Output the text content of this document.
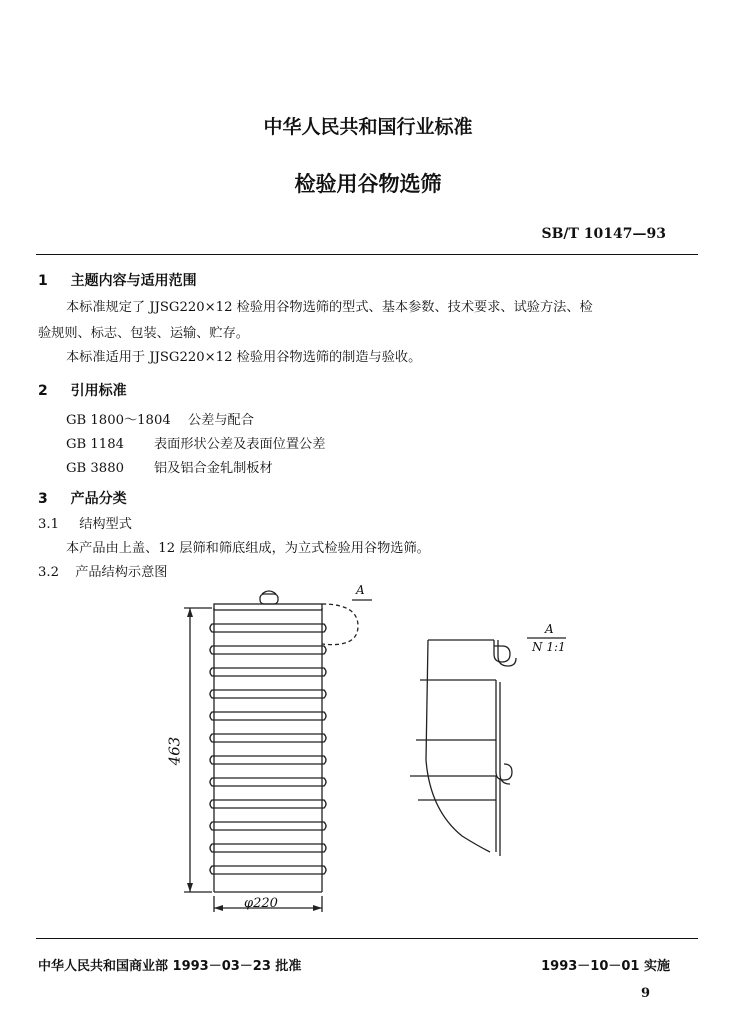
中华人民共和国行业标准
检验用谷物选筛
SB/T 10147—93
1 主题内容与适用范围
本标准规定了 JJSG220×12 检验用谷物选筛的型式、基本参数、技术要求、试验方法、检
验规则、标志、包装、运输、贮存。
本标准适用于 JJSG220×12 检验用谷物选筛的制造与验收。
2 引用标准
GB 1800～1804 公差与配合
GB 1184 表面形状公差及表面位置公差
GB 3880 铝及铝合金轧制板材
3 产品分类
3.1 结构型式
本产品由上盖、12 层筛和筛底组成，为立式检验用谷物选筛。
3.2 产品结构示意图
A
A
N 1:1
463
φ220
中华人民共和国商业部 1993－03－23 批准	1993－10－01 实施
9
